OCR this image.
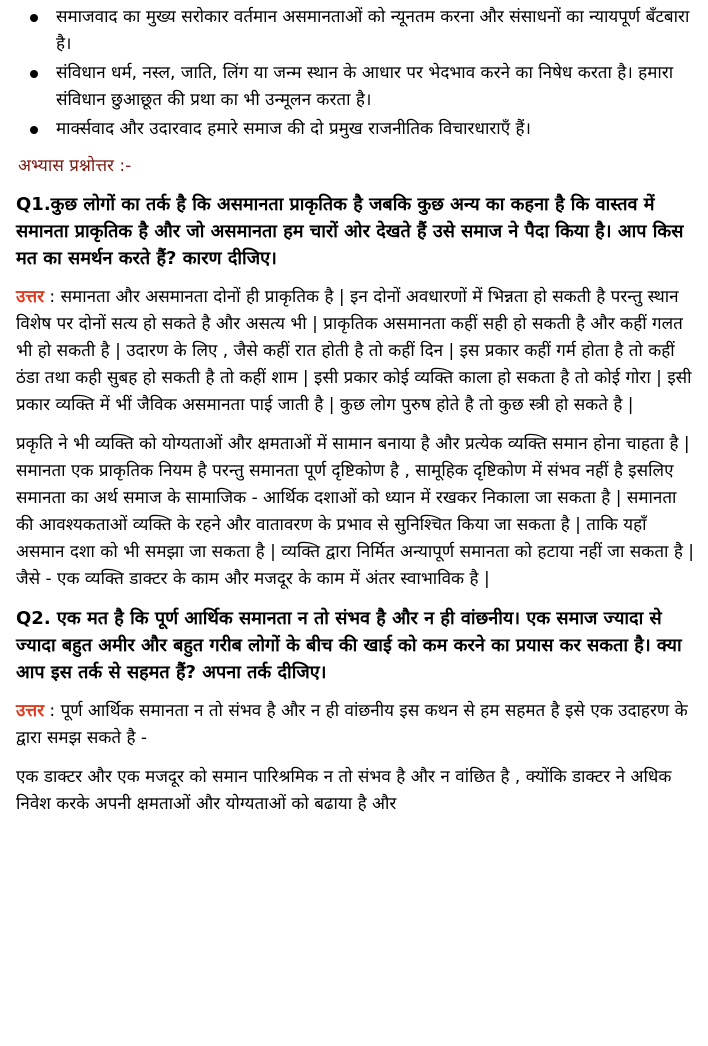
समाजवाद का मुख्य सरोकार वर्तमान असमानताओं को न्यूनतम करना और संसाधनों का न्यायपूर्ण बँटबारा है।
संविधान धर्म, नस्ल, जाति, लिंग या जन्म स्थान के आधार पर भेदभाव करने का निषेध करता है। हमारा संविधान छुआछूत की प्रथा का भी उन्मूलन करता है।
मार्क्सवाद और उदारवाद हमारे समाज की दो प्रमुख राजनीतिक विचारधाराएँ हैं।
अभ्यास प्रश्नोत्तर :-
Q1.कुछ लोगों का तर्क है कि असमानता प्राकृतिक है जबकि कुछ अन्य का कहना है कि वास्तव में समानता प्राकृतिक है और जो असमानता हम चारों ओर देखते हैं उसे समाज ने पैदा किया है। आप किस मत का समर्थन करते हैं? कारण दीजिए।

उत्तर : समानता और असमानता दोनों ही प्राकृतिक है | इन दोनों अवधारणों में भिन्नता हो सकती है परन्तु स्थान विशेष पर दोनों सत्य हो सकते है और असत्य भी | प्राकृतिक असमानता कहीं सही हो सकती है और कहीं गलत भी हो सकती है | उदारण के लिए , जैसे कहीं रात होती है तो कहीं दिन | इस प्रकार कहीं गर्म होता है तो कहीं ठंडा तथा कही सुबह हो सकती है तो कहीं शाम | इसी प्रकार कोई व्यक्ति काला हो सकता है तो कोई गोरा | इसी प्रकार व्यक्ति में भीं जैविक असमानता पाई जाती है | कुछ लोग पुरुष होते है तो कुछ स्त्री हो सकते है |

प्रकृति ने भी व्यक्ति को योग्यताओं और क्षमताओं में सामान बनाया है और प्रत्येक व्यक्ति समान होना चाहता है | समानता एक प्राकृतिक नियम है परन्तु समानता पूर्ण दृष्टिकोण है , सामूहिक दृष्टिकोण में संभव नहीं है इसलिए समानता का अर्थ समाज के सामाजिक - आर्थिक दशाओं को ध्यान में रखकर निकाला जा सकता है | समानता की आवश्यकताओं व्यक्ति के रहने और वातावरण के प्रभाव से सुनिश्चित किया जा सकता है | ताकि यहाँ असमान दशा को भी समझा जा सकता है | व्यक्ति द्वारा निर्मित अन्यापूर्ण समानता को हटाया नहीं जा सकता है | जैसे - एक व्यक्ति डाक्टर के काम और मजदूर के काम में अंतर स्वाभाविक है |

Q2. एक मत है कि पूर्ण आर्थिक समानता न तो संभव है और न ही वांछनीय। एक समाज ज्यादा से ज्यादा बहुत अमीर और बहुत गरीब लोगों के बीच की खाई को कम करने का प्रयास कर सकता है। क्या आप इस तर्क से सहमत हैं? अपना तर्क दीजिए।

उत्तर : पूर्ण आर्थिक समानता न तो संभव है और न ही वांछनीय इस कथन से हम सहमत है इसे एक उदाहरण के द्वारा समझ सकते है -

एक डाक्टर और एक मजदूर को समान पारिश्रमिक न तो संभव है और न वांछित है , क्योंकि डाक्टर ने अधिक निवेश करके अपनी क्षमताओं और योग्यताओं को बढाया है और
